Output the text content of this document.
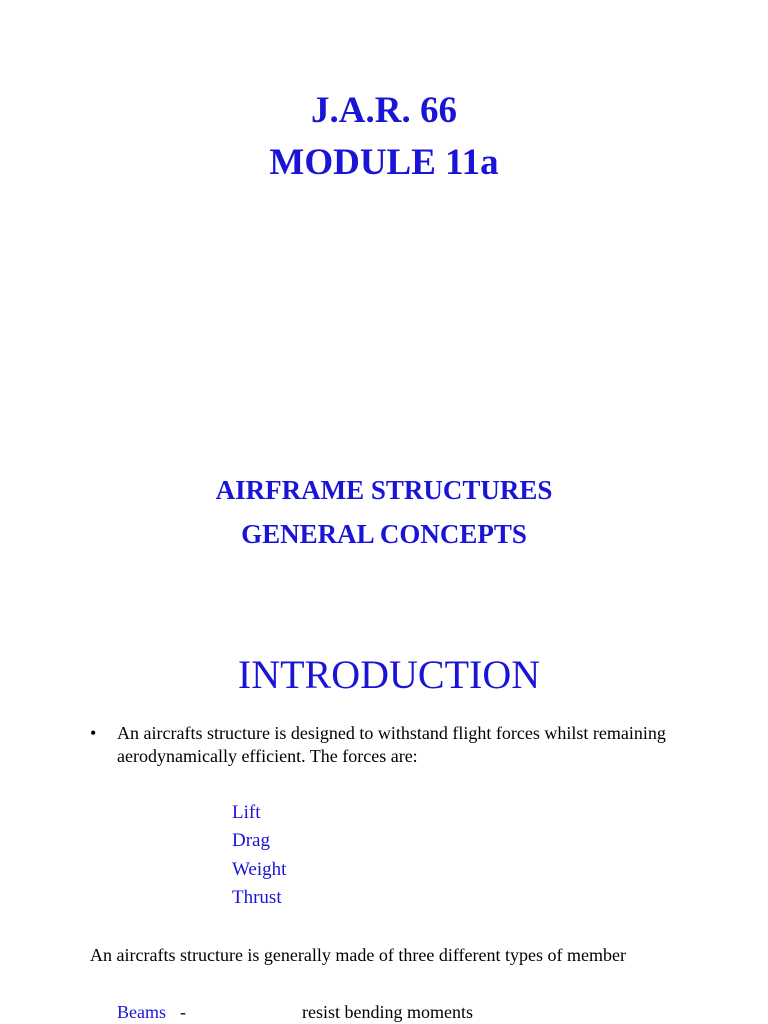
J.A.R. 66
MODULE 11a
AIRFRAME STRUCTURES
GENERAL CONCEPTS
INTRODUCTION
• An aircrafts structure is designed to withstand flight forces whilst remaining aerodynamically efficient. The forces are:
Lift
Drag
Weight
Thrust
An aircrafts structure is generally made of three different types of member
Beams -	resist bending moments
